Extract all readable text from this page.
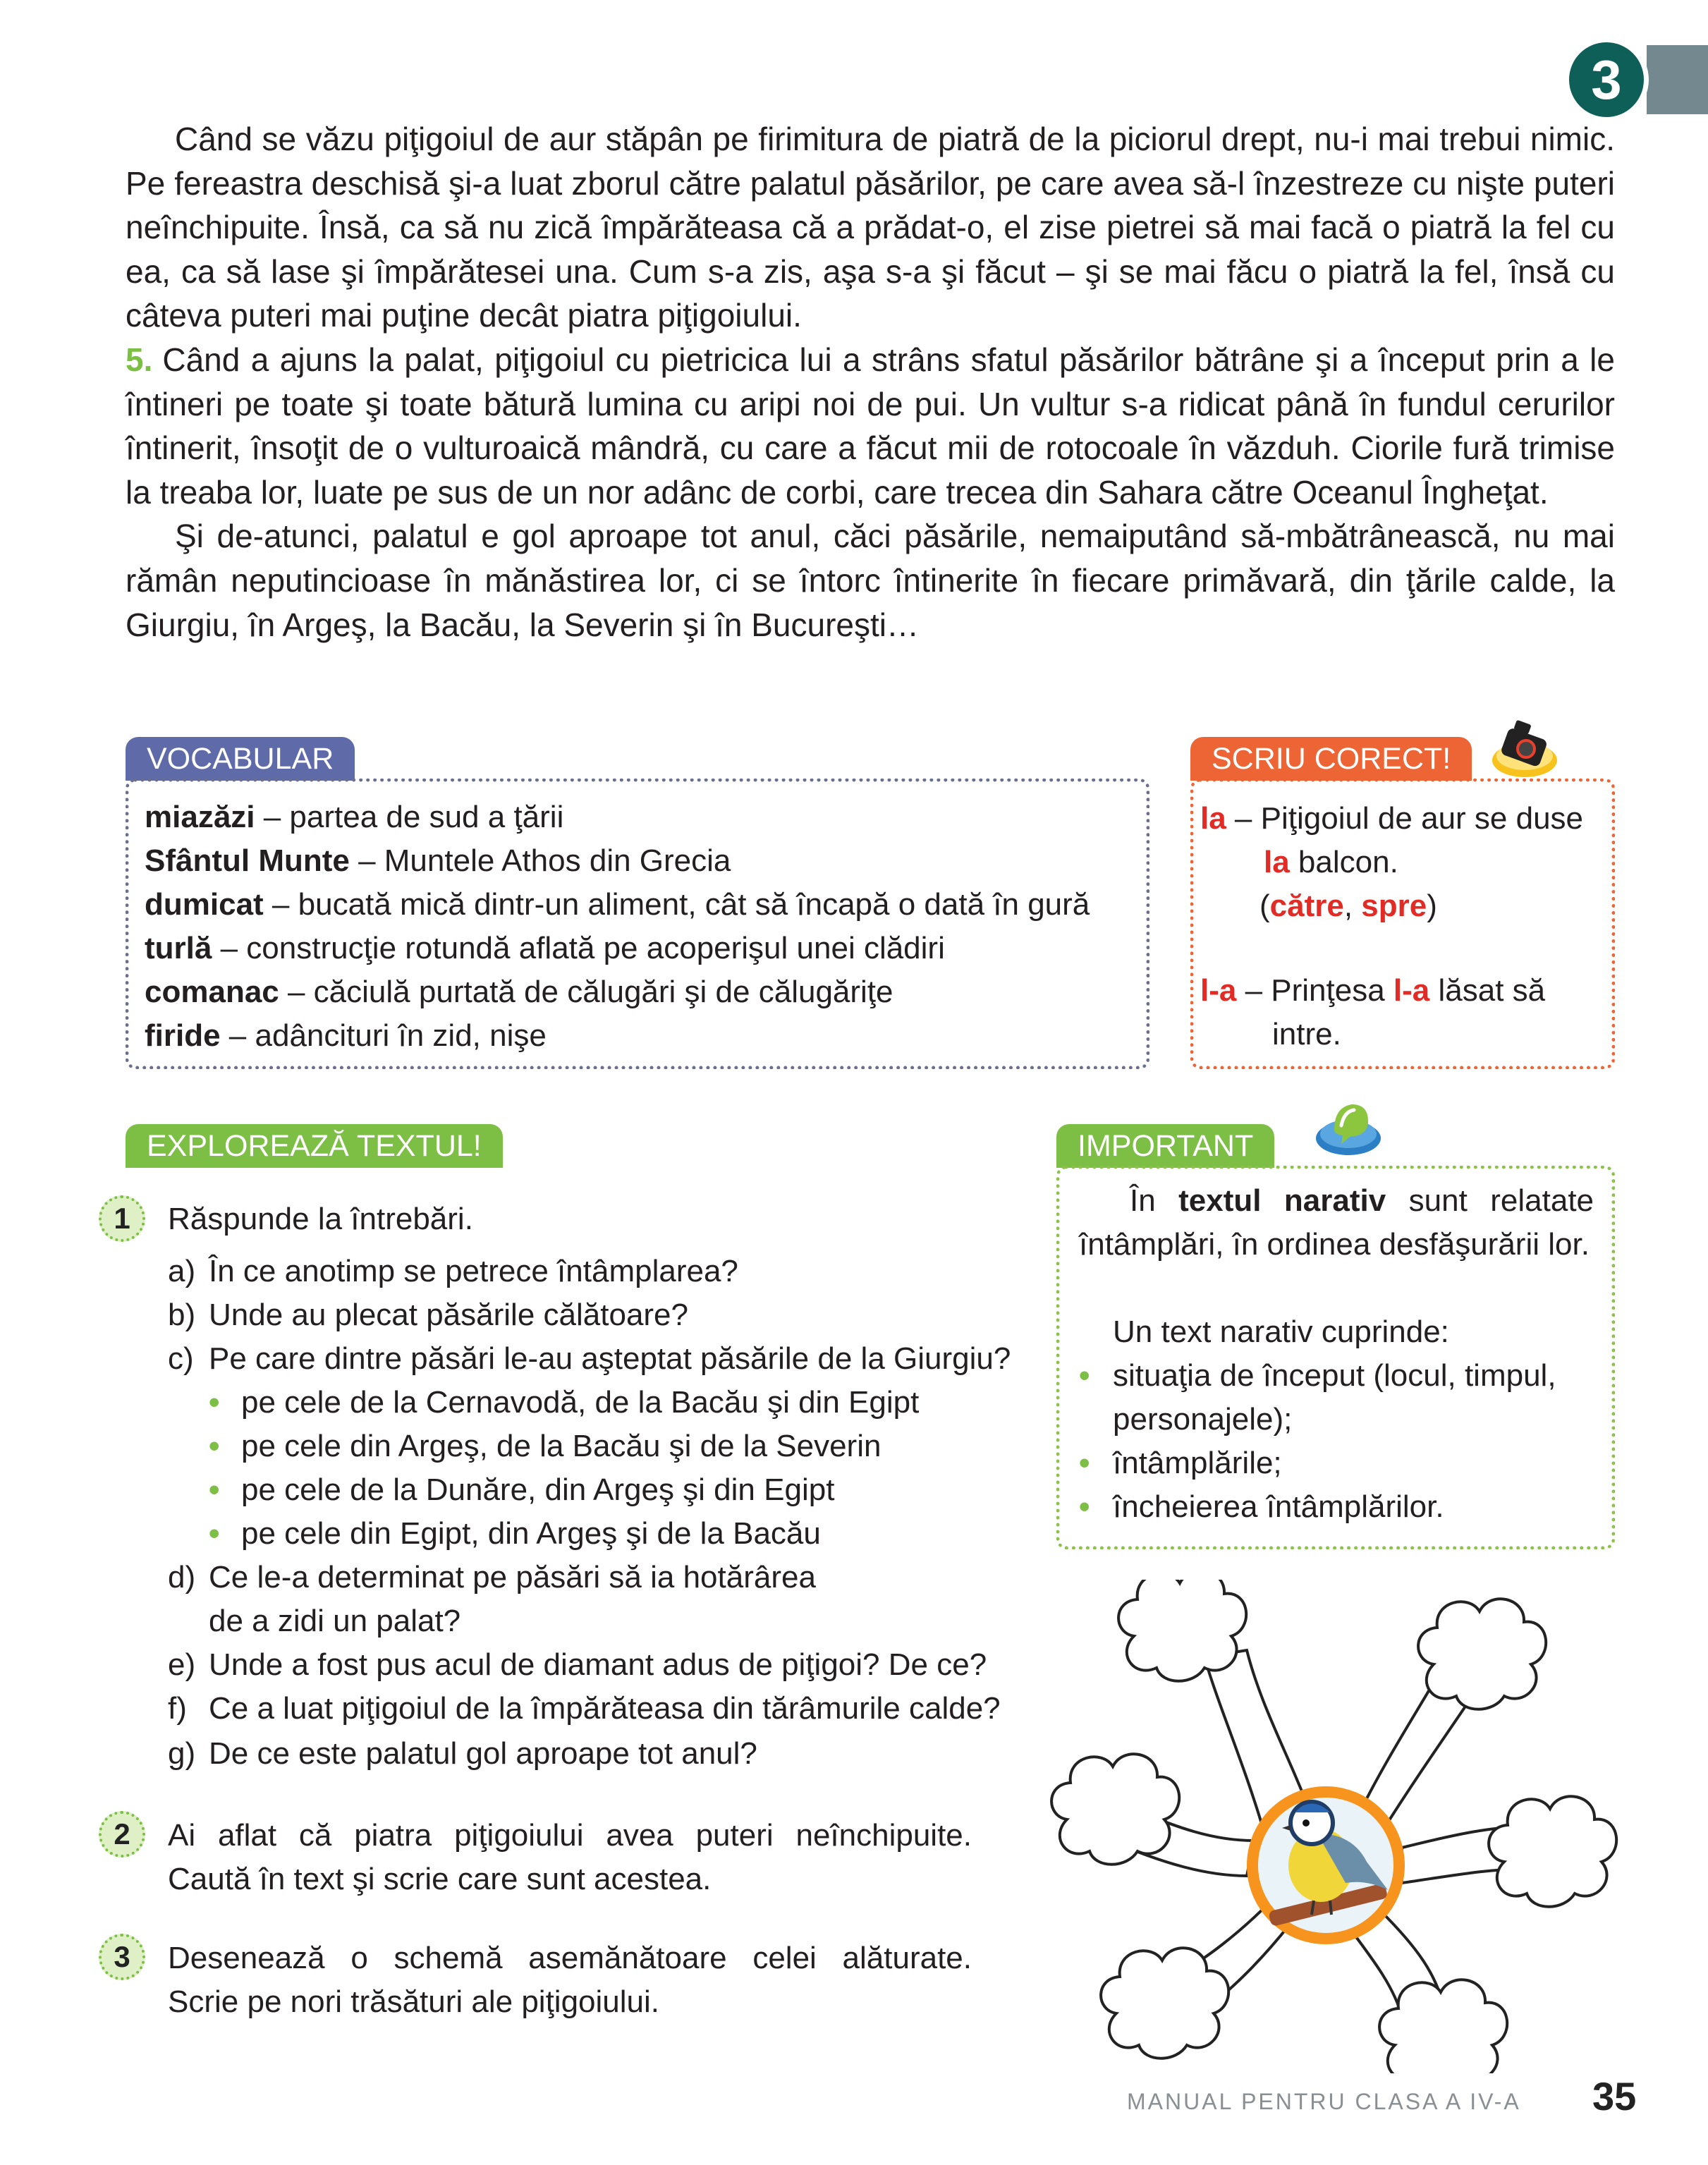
3

Când se văzu piţigoiul de aur stăpân pe firimitura de piatră de la piciorul drept, nu-i mai trebui nimic. Pe fereastra deschisă şi-a luat zborul către palatul păsărilor, pe care avea să-l înzestreze cu nişte puteri neînchipuite. Însă, ca să nu zică împărăteasa că a prădat-o, el zise pietrei să mai facă o piatră la fel cu ea, ca să lase şi împărătesei una. Cum s-a zis, aşa s-a şi făcut – şi se mai făcu o piatră la fel, însă cu câteva puteri mai puţine decât piatra piţigoiului.

5. Când a ajuns la palat, piţigoiul cu pietricica lui a strâns sfatul păsărilor bătrâne şi a început prin a le întineri pe toate şi toate bătură lumina cu aripi noi de pui. Un vultur s-a ridicat până în fundul cerurilor întinerit, însoţit de o vulturoaică mândră, cu care a făcut mii de rotocoale în văzduh. Ciorile fură trimise la treaba lor, luate pe sus de un nor adânc de corbi, care trecea din Sahara către Oceanul Îngheţat.

Şi de-atunci, palatul e gol aproape tot anul, căci păsările, nemaiputând să-mbătrânească, nu mai rămân neputincioase în mănăstirea lor, ci se întorc întinerite în fiecare primăvară, din ţările calde, la Giurgiu, în Argeş, la Bacău, la Severin şi în Bucureşti…

VOCABULAR
miazăzi – partea de sud a ţării
Sfântul Munte – Muntele Athos din Grecia
dumicat – bucată mică dintr-un aliment, cât să încapă o dată în gură
turlă – construcţie rotundă aflată pe acoperişul unei clădiri
comanac – căciulă purtată de călugări şi de călugăriţe
firide – adâncituri în zid, nişe
SCRIU CORECT!
la – Piţigoiul de aur se duse
la balcon.
(către, spre)
l-a – Prinţesa l-a lăsat să
intre.
EXPLOREAZĂ TEXTUL!
1	Răspunde la întrebări.
a) În ce anotimp se petrece întâmplarea?
b) Unde au plecat păsările călătoare?
c) Pe care dintre păsări le-au aşteptat păsările de la Giurgiu?
• pe cele de la Cernavodă, de la Bacău şi din Egipt
• pe cele din Argeş, de la Bacău şi de la Severin
• pe cele de la Dunăre, din Argeş şi din Egipt
• pe cele din Egipt, din Argeş şi de la Bacău
d) Ce le-a determinat pe păsări să ia hotărârea
de a zidi un palat?
e) Unde a fost pus acul de diamant adus de piţigoi? De ce?
f) Ce a luat piţigoiul de la împărăteasa din tărâmurile calde?
g) De ce este palatul gol aproape tot anul?
2	Ai aflat că piatra piţigoiului avea puteri neînchipuite.
Caută în text şi scrie care sunt acestea.
3	Desenează o schemă asemănătoare celei alăturate.
Scrie pe nori trăsături ale piţigoiului.
IMPORTANT
În textul narativ sunt relatate întâmplări, în ordinea desfăşurării lor.
Un text narativ cuprinde:
• situaţia de început (locul, timpul, personajele);
• întâmplările;
• încheierea întâmplărilor.
MANUAL PENTRU CLASA A IV-A 35
